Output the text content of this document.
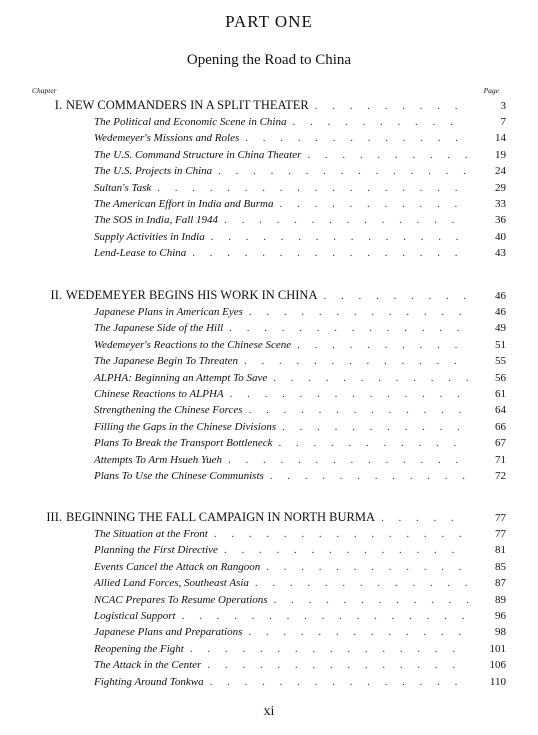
PART ONE
Opening the Road to China
Chapter	Page
I. NEW COMMANDERS IN A SPLIT THEATER . . .	3
The Political and Economic Scene in China . . .	7
Wedemeyer's Missions and Roles . . .	14
The U.S. Command Structure in China Theater . . .	19
The U.S. Projects in China . . .	24
Sultan's Task . . .	29
The American Effort in India and Burma . . .	33
The SOS in India, Fall 1944 . . .	36
Supply Activities in India . . .	40
Lend-Lease to China . . .	43
II. WEDEMEYER BEGINS HIS WORK IN CHINA . . .	46
Japanese Plans in American Eyes . . .	46
The Japanese Side of the Hill . . .	49
Wedemeyer's Reactions to the Chinese Scene . . .	51
The Japanese Begin To Threaten . . .	55
ALPHA: Beginning an Attempt To Save . . .	56
Chinese Reactions to ALPHA . . .	61
Strengthening the Chinese Forces . . .	64
Filling the Gaps in the Chinese Divisions . . .	66
Plans To Break the Transport Bottleneck . . .	67
Attempts To Arm Hsueh Yueh . . .	71
Plans To Use the Chinese Communists . . .	72
III. BEGINNING THE FALL CAMPAIGN IN NORTH BURMA . . .	77
The Situation at the Front . . .	77
Planning the First Directive . . .	81
Events Cancel the Attack on Rangoon . . .	85
Allied Land Forces, Southeast Asia . . .	87
NCAC Prepares To Resume Operations . . .	89
Logistical Support . . .	96
Japanese Plans and Preparations . . .	98
Reopening the Fight . . .	101
The Attack in the Center . . .	106
Fighting Around Tonkwa . . .	110
xi
